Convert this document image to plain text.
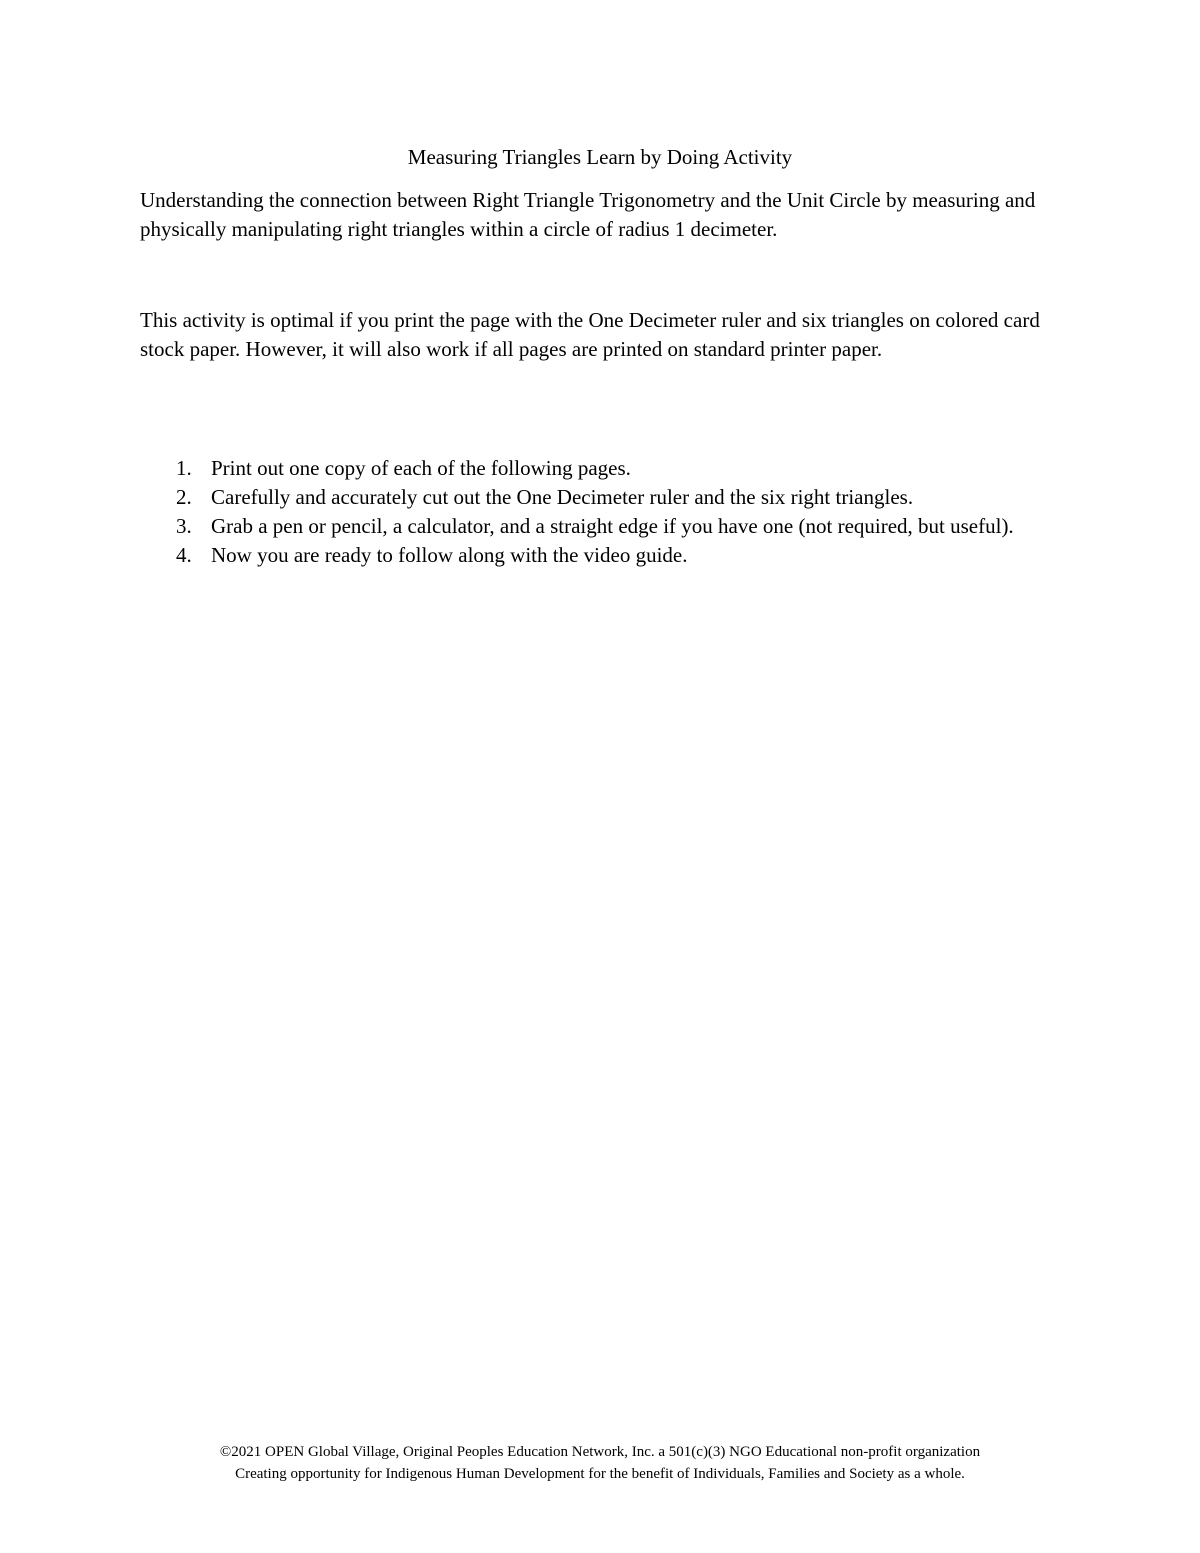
Measuring Triangles Learn by Doing Activity

Understanding the connection between Right Triangle Trigonometry and the Unit Circle by measuring and physically manipulating right triangles within a circle of radius 1 decimeter.

This activity is optimal if you print the page with the One Decimeter ruler and six triangles on colored card stock paper. However, it will also work if all pages are printed on standard printer paper.

1. Print out one copy of each of the following pages.
2. Carefully and accurately cut out the One Decimeter ruler and the six right triangles.
3. Grab a pen or pencil, a calculator, and a straight edge if you have one (not required, but useful).
4. Now you are ready to follow along with the video guide.
©2021 OPEN Global Village, Original Peoples Education Network, Inc. a 501(c)(3) NGO Educational non-profit organization
Creating opportunity for Indigenous Human Development for the benefit of Individuals, Families and Society as a whole.
